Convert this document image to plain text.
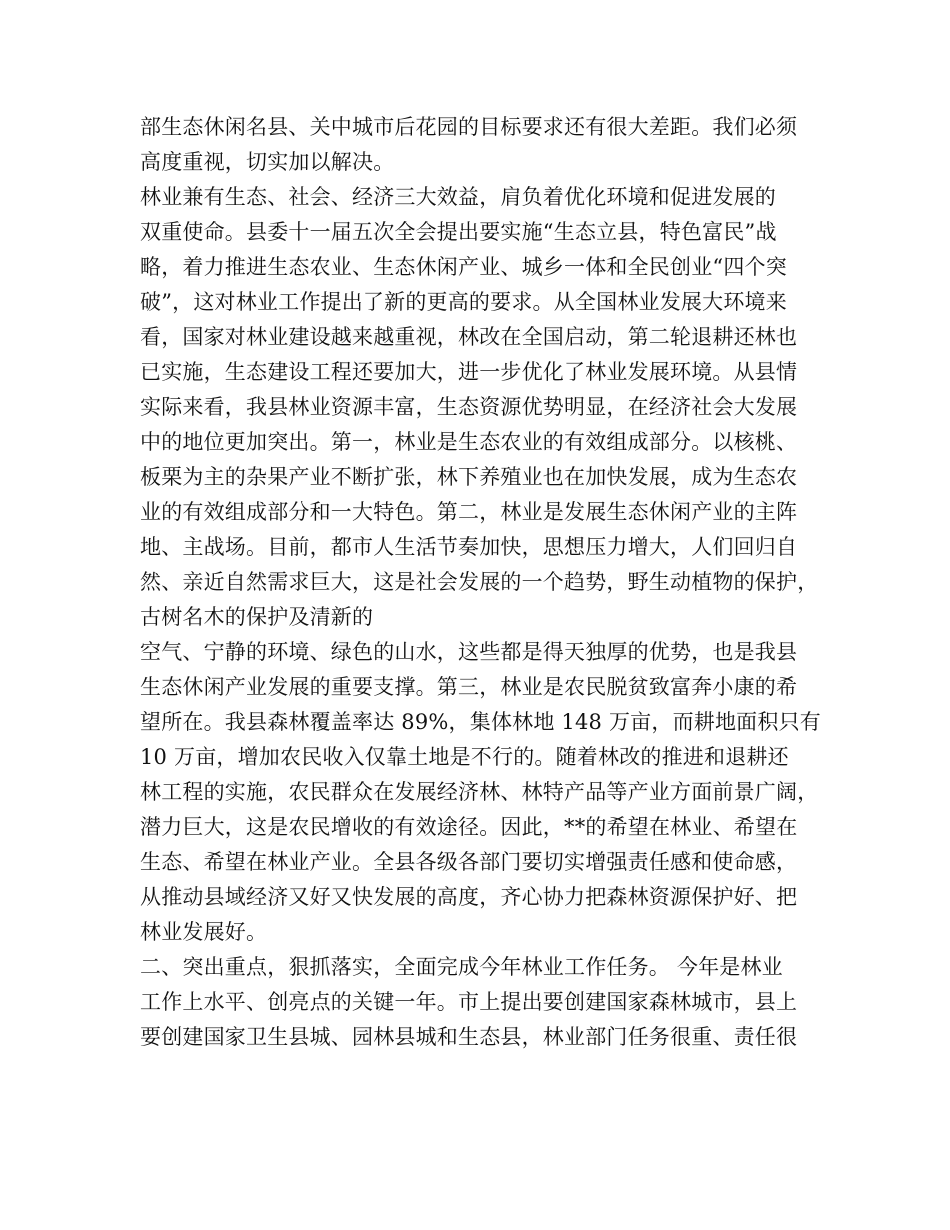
部生态休闲名县、关中城市后花园的目标要求还有很大差距。我们必须

高度重视，切实加以解决。

林业兼有生态、社会、经济三大效益，肩负着优化环境和促进发展的

双重使命。县委十一届五次全会提出要实施“生态立县，特色富民”战

略，着力推进生态农业、生态休闲产业、城乡一体和全民创业“四个突

破”，这对林业工作提出了新的更高的要求。从全国林业发展大环境来

看，国家对林业建设越来越重视，林改在全国启动，第二轮退耕还林也

已实施，生态建设工程还要加大，进一步优化了林业发展环境。从县情

实际来看，我县林业资源丰富，生态资源优势明显，在经济社会大发展

中的地位更加突出。第一，林业是生态农业的有效组成部分。以核桃、

板栗为主的杂果产业不断扩张，林下养殖业也在加快发展，成为生态农

业的有效组成部分和一大特色。第二，林业是发展生态休闲产业的主阵

地、主战场。目前，都市人生活节奏加快，思想压力增大，人们回归自

然、亲近自然需求巨大，这是社会发展的一个趋势，野生动植物的保护，

古树名木的保护及清新的

空气、宁静的环境、绿色的山水，这些都是得天独厚的优势，也是我县

生态休闲产业发展的重要支撑。第三，林业是农民脱贫致富奔小康的希

望所在。我县森林覆盖率达 89%，集体林地 148 万亩，而耕地面积只有

10 万亩，增加农民收入仅靠土地是不行的。随着林改的推进和退耕还

林工程的实施，农民群众在发展经济林、林特产品等产业方面前景广阔，

潜力巨大，这是农民增收的有效途径。因此，**的希望在林业、希望在

生态、希望在林业产业。全县各级各部门要切实增强责任感和使命感，

从推动县域经济又好又快发展的高度，齐心协力把森林资源保护好、把

林业发展好。

二、突出重点，狠抓落实，全面完成今年林业工作任务。 今年是林业

工作上水平、创亮点的关键一年。市上提出要创建国家森林城市，县上

要创建国家卫生县城、园林县城和生态县，林业部门任务很重、责任很
